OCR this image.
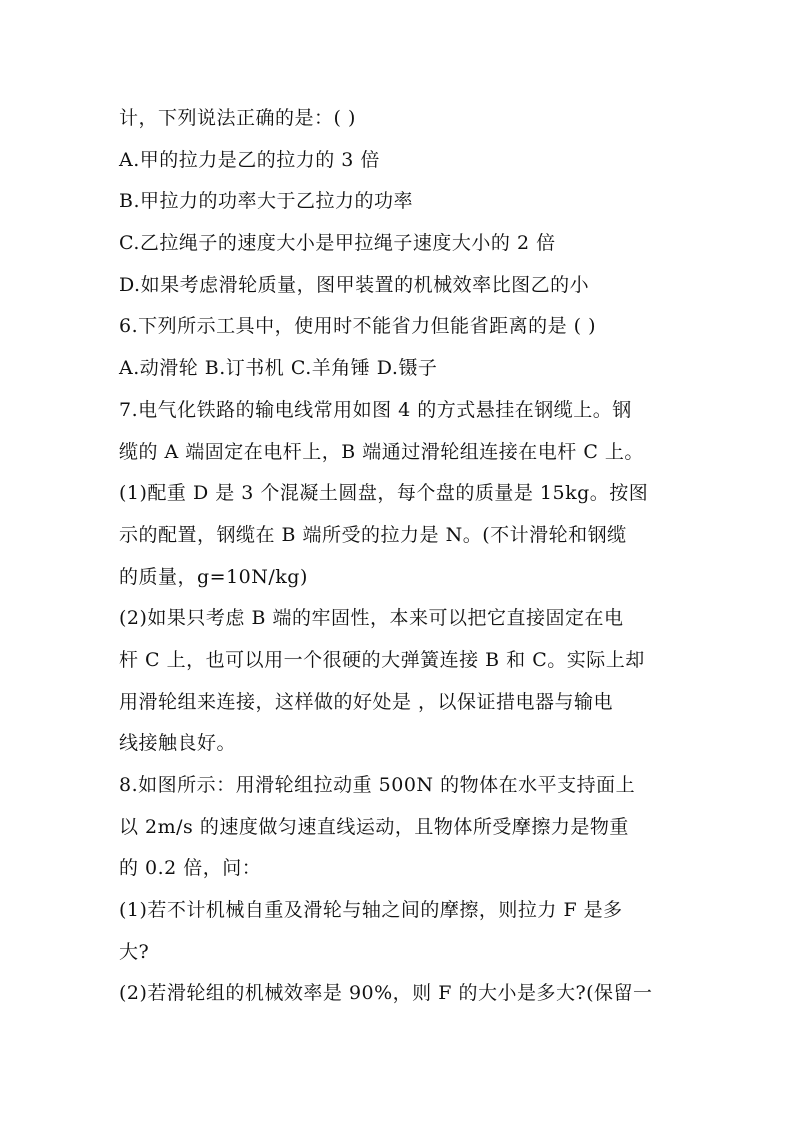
计，下列说法正确的是：( )
A.甲的拉力是乙的拉力的 3 倍
B.甲拉力的功率大于乙拉力的功率
C.乙拉绳子的速度大小是甲拉绳子速度大小的 2 倍
D.如果考虑滑轮质量，图甲装置的机械效率比图乙的小
6.下列所示工具中，使用时不能省力但能省距离的是 ( )
A.动滑轮 B.订书机 C.羊角锤 D.镊子
7.电气化铁路的输电线常用如图 4 的方式悬挂在钢缆上。钢
缆的 A 端固定在电杆上，B 端通过滑轮组连接在电杆 C 上。
(1)配重 D 是 3 个混凝土圆盘，每个盘的质量是 15kg。按图
示的配置，钢缆在 B 端所受的拉力是 N。(不计滑轮和钢缆
的质量，g=10N/kg)
(2)如果只考虑 B 端的牢固性，本来可以把它直接固定在电
杆 C 上，也可以用一个很硬的大弹簧连接 B 和 C。实际上却
用滑轮组来连接，这样做的好处是 ，以保证措电器与输电
线接触良好。
8.如图所示：用滑轮组拉动重 500N 的物体在水平支持面上
以 2m/s 的速度做匀速直线运动，且物体所受摩擦力是物重
的 0.2 倍，问：
(1)若不计机械自重及滑轮与轴之间的摩擦，则拉力 F 是多
大?
(2)若滑轮组的机械效率是 90%，则 F 的大小是多大?(保留一
